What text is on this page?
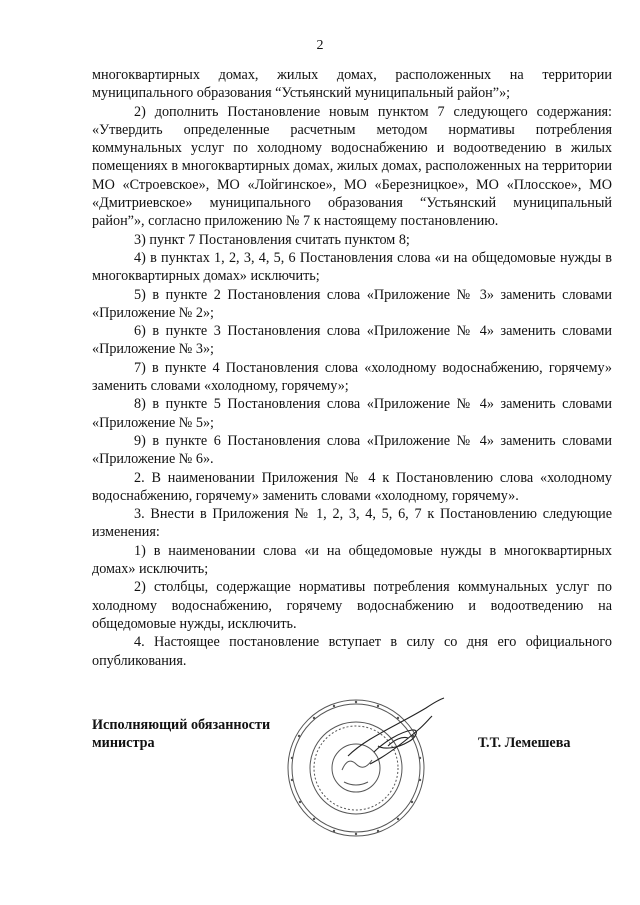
2

многоквартирных домах, жилых домах, расположенных на территории муниципального образования “Устьянский муниципальный район”»;

2) дополнить Постановление новым пунктом 7 следующего содержания: «Утвердить определенные расчетным методом нормативы потребления коммунальных услуг по холодному водоснабжению и водоотведению в жилых помещениях в многоквартирных домах, жилых домах, расположенных на территории МО «Строевское», МО «Лойгинское», МО «Березницкое», МО «Плосское», МО «Дмитриевское» муниципального образования “Устьянский муниципальный район”», согласно приложению № 7 к настоящему постановлению.

3) пункт 7 Постановления считать пунктом 8;

4) в пунктах 1, 2, 3, 4, 5, 6 Постановления слова «и на общедомовые нужды в многоквартирных домах» исключить;

5) в пункте 2 Постановления слова «Приложение № 3» заменить словами «Приложение № 2»;

6) в пункте 3 Постановления слова «Приложение № 4» заменить словами «Приложение № 3»;

7) в пункте 4 Постановления слова «холодному водоснабжению, горячему» заменить словами «холодному, горячему»;

8) в пункте 5 Постановления слова «Приложение № 4» заменить словами «Приложение № 5»;

9) в пункте 6 Постановления слова «Приложение № 4» заменить словами «Приложение № 6».

2. В наименовании Приложения № 4 к Постановлению слова «холодному водоснабжению, горячему» заменить словами «холодному, горячему».

3. Внести в Приложения № 1, 2, 3, 4, 5, 6, 7 к Постановлению следующие изменения:

1) в наименовании слова «и на общедомовые нужды в многоквартирных домах» исключить;

2) столбцы, содержащие нормативы потребления коммунальных услуг по холодному водоснабжению, горячему водоснабжению и водоотведению на общедомовые нужды, исключить.

4. Настоящее постановление вступает в силу со дня его официального опубликования.

Исполняющий обязанности министра	Т.Т. Лемешева
